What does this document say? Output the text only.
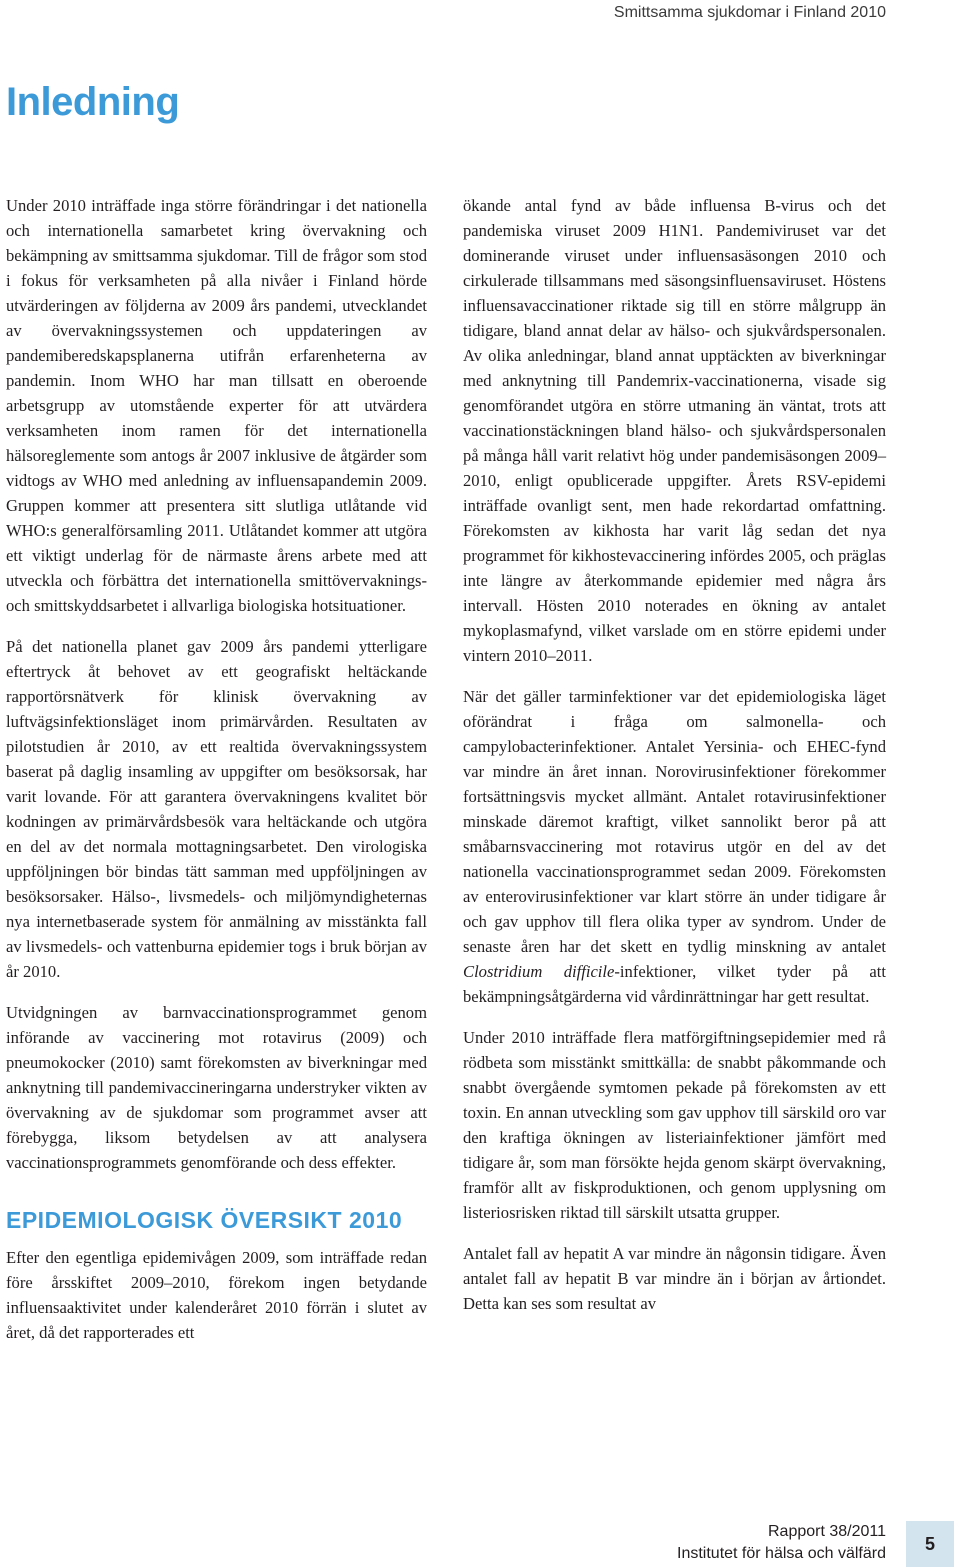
Smittsamma sjukdomar i Finland 2010
Inledning

Under 2010 inträffade inga större förändringar i det nationella och internationella samarbetet kring övervakning och bekämpning av smittsamma sjukdomar. Till de frågor som stod i fokus för verksamheten på alla nivåer i Finland hörde utvärderingen av följderna av 2009 års pandemi, utvecklandet av övervakningssystemen och uppdateringen av pandemiberedskapsplanerna utifrån erfarenheterna av pandemin. Inom WHO har man tillsatt en oberoende arbetsgrupp av utomstående experter för att utvärdera verksamheten inom ramen för det internationella hälsoreglemente som antogs år 2007 inklusive de åtgärder som vidtogs av WHO med anledning av influensapandemin 2009. Gruppen kommer att presentera sitt slutliga utlåtande vid WHO:s generalförsamling 2011. Utlåtandet kommer att utgöra ett viktigt underlag för de närmaste årens arbete med att utveckla och förbättra det internationella smittövervaknings- och smittskyddsarbetet i allvarliga biologiska hotsituationer.

På det nationella planet gav 2009 års pandemi ytterligare eftertryck åt behovet av ett geografiskt heltäckande rapportörsnätverk för klinisk övervakning av luftvägsinfektionsläget inom primärvården. Resultaten av pilotstudien år 2010, av ett realtida övervakningssystem baserat på daglig insamling av uppgifter om besöksorsak, har varit lovande. För att garantera övervakningens kvalitet bör kodningen av primärvårdsbesök vara heltäckande och utgöra en del av det normala mottagningsarbetet. Den virologiska uppföljningen bör bindas tätt samman med uppföljningen av besöksorsaker. Hälso-, livsmedels- och miljömyndigheternas nya internetbaserade system för anmälning av misstänkta fall av livsmedels- och vattenburna epidemier togs i bruk början av år 2010.

Utvidgningen av barnvaccinationsprogrammet genom införande av vaccinering mot rotavirus (2009) och pneumokocker (2010) samt förekomsten av biverkningar med anknytning till pandemivaccineringarna understryker vikten av övervakning av de sjukdomar som programmet avser att förebygga, liksom betydelsen av att analysera vaccinationsprogrammets genomförande och dess effekter.

EPIDEMIOLOGISK ÖVERSIKT 2010

Efter den egentliga epidemivågen 2009, som inträffade redan före årsskiftet 2009–2010, förekom ingen betydande influensaaktivitet under kalenderåret 2010 förrän i slutet av året, då det rapporterades ett

ökande antal fynd av både influensa B-virus och det pandemiska viruset 2009 H1N1. Pandemiviruset var det dominerande viruset under influensasäsongen 2010 och cirkulerade tillsammans med säsongsinfluensaviruset. Höstens influensavaccinationer riktade sig till en större målgrupp än tidigare, bland annat delar av hälso- och sjukvårdspersonalen. Av olika anledningar, bland annat upptäckten av biverkningar med anknytning till Pandemrix-vaccinationerna, visade sig genomförandet utgöra en större utmaning än väntat, trots att vaccinationstäckningen bland hälso- och sjukvårdspersonalen på många håll varit relativt hög under pandemisäsongen 2009–2010, enligt opublicerade uppgifter. Årets RSV-epidemi inträffade ovanligt sent, men hade rekordartad omfattning. Förekomsten av kikhosta har varit låg sedan det nya programmet för kikhostevaccinering infördes 2005, och präglas inte längre av återkommande epidemier med några års intervall. Hösten 2010 noterades en ökning av antalet mykoplasmafynd, vilket varslade om en större epidemi under vintern 2010–2011.

När det gäller tarminfektioner var det epidemiologiska läget oförändrat i fråga om salmonella- och campylobacterinfektioner. Antalet Yersinia- och EHEC-fynd var mindre än året innan. Norovirusinfektioner förekommer fortsättningsvis mycket allmänt. Antalet rotavirusinfektioner minskade däremot kraftigt, vilket sannolikt beror på att småbarnsvaccinering mot rotavirus utgör en del av det nationella vaccinationsprogrammet sedan 2009. Förekomsten av enterovirusinfektioner var klart större än under tidigare år och gav upphov till flera olika typer av syndrom. Under de senaste åren har det skett en tydlig minskning av antalet Clostridium difficile-infektioner, vilket tyder på att bekämpningsåtgärderna vid vårdinrättningar har gett resultat.

Under 2010 inträffade flera matförgiftningsepidemier med rå rödbeta som misstänkt smittkälla: de snabbt påkommande och snabbt övergående symtomen pekade på förekomsten av ett toxin. En annan utveckling som gav upphov till särskild oro var den kraftiga ökningen av listeriainfektioner jämfört med tidigare år, som man försökte hejda genom skärpt övervakning, framför allt av fiskproduktionen, och genom upplysning om listeriosrisken riktad till särskilt utsatta grupper.

Antalet fall av hepatit A var mindre än någonsin tidigare. Även antalet fall av hepatit B var mindre än i början av årtiondet. Detta kan ses som resultat av

Rapport 38/2011
Institutet för hälsa och välfärd	5
